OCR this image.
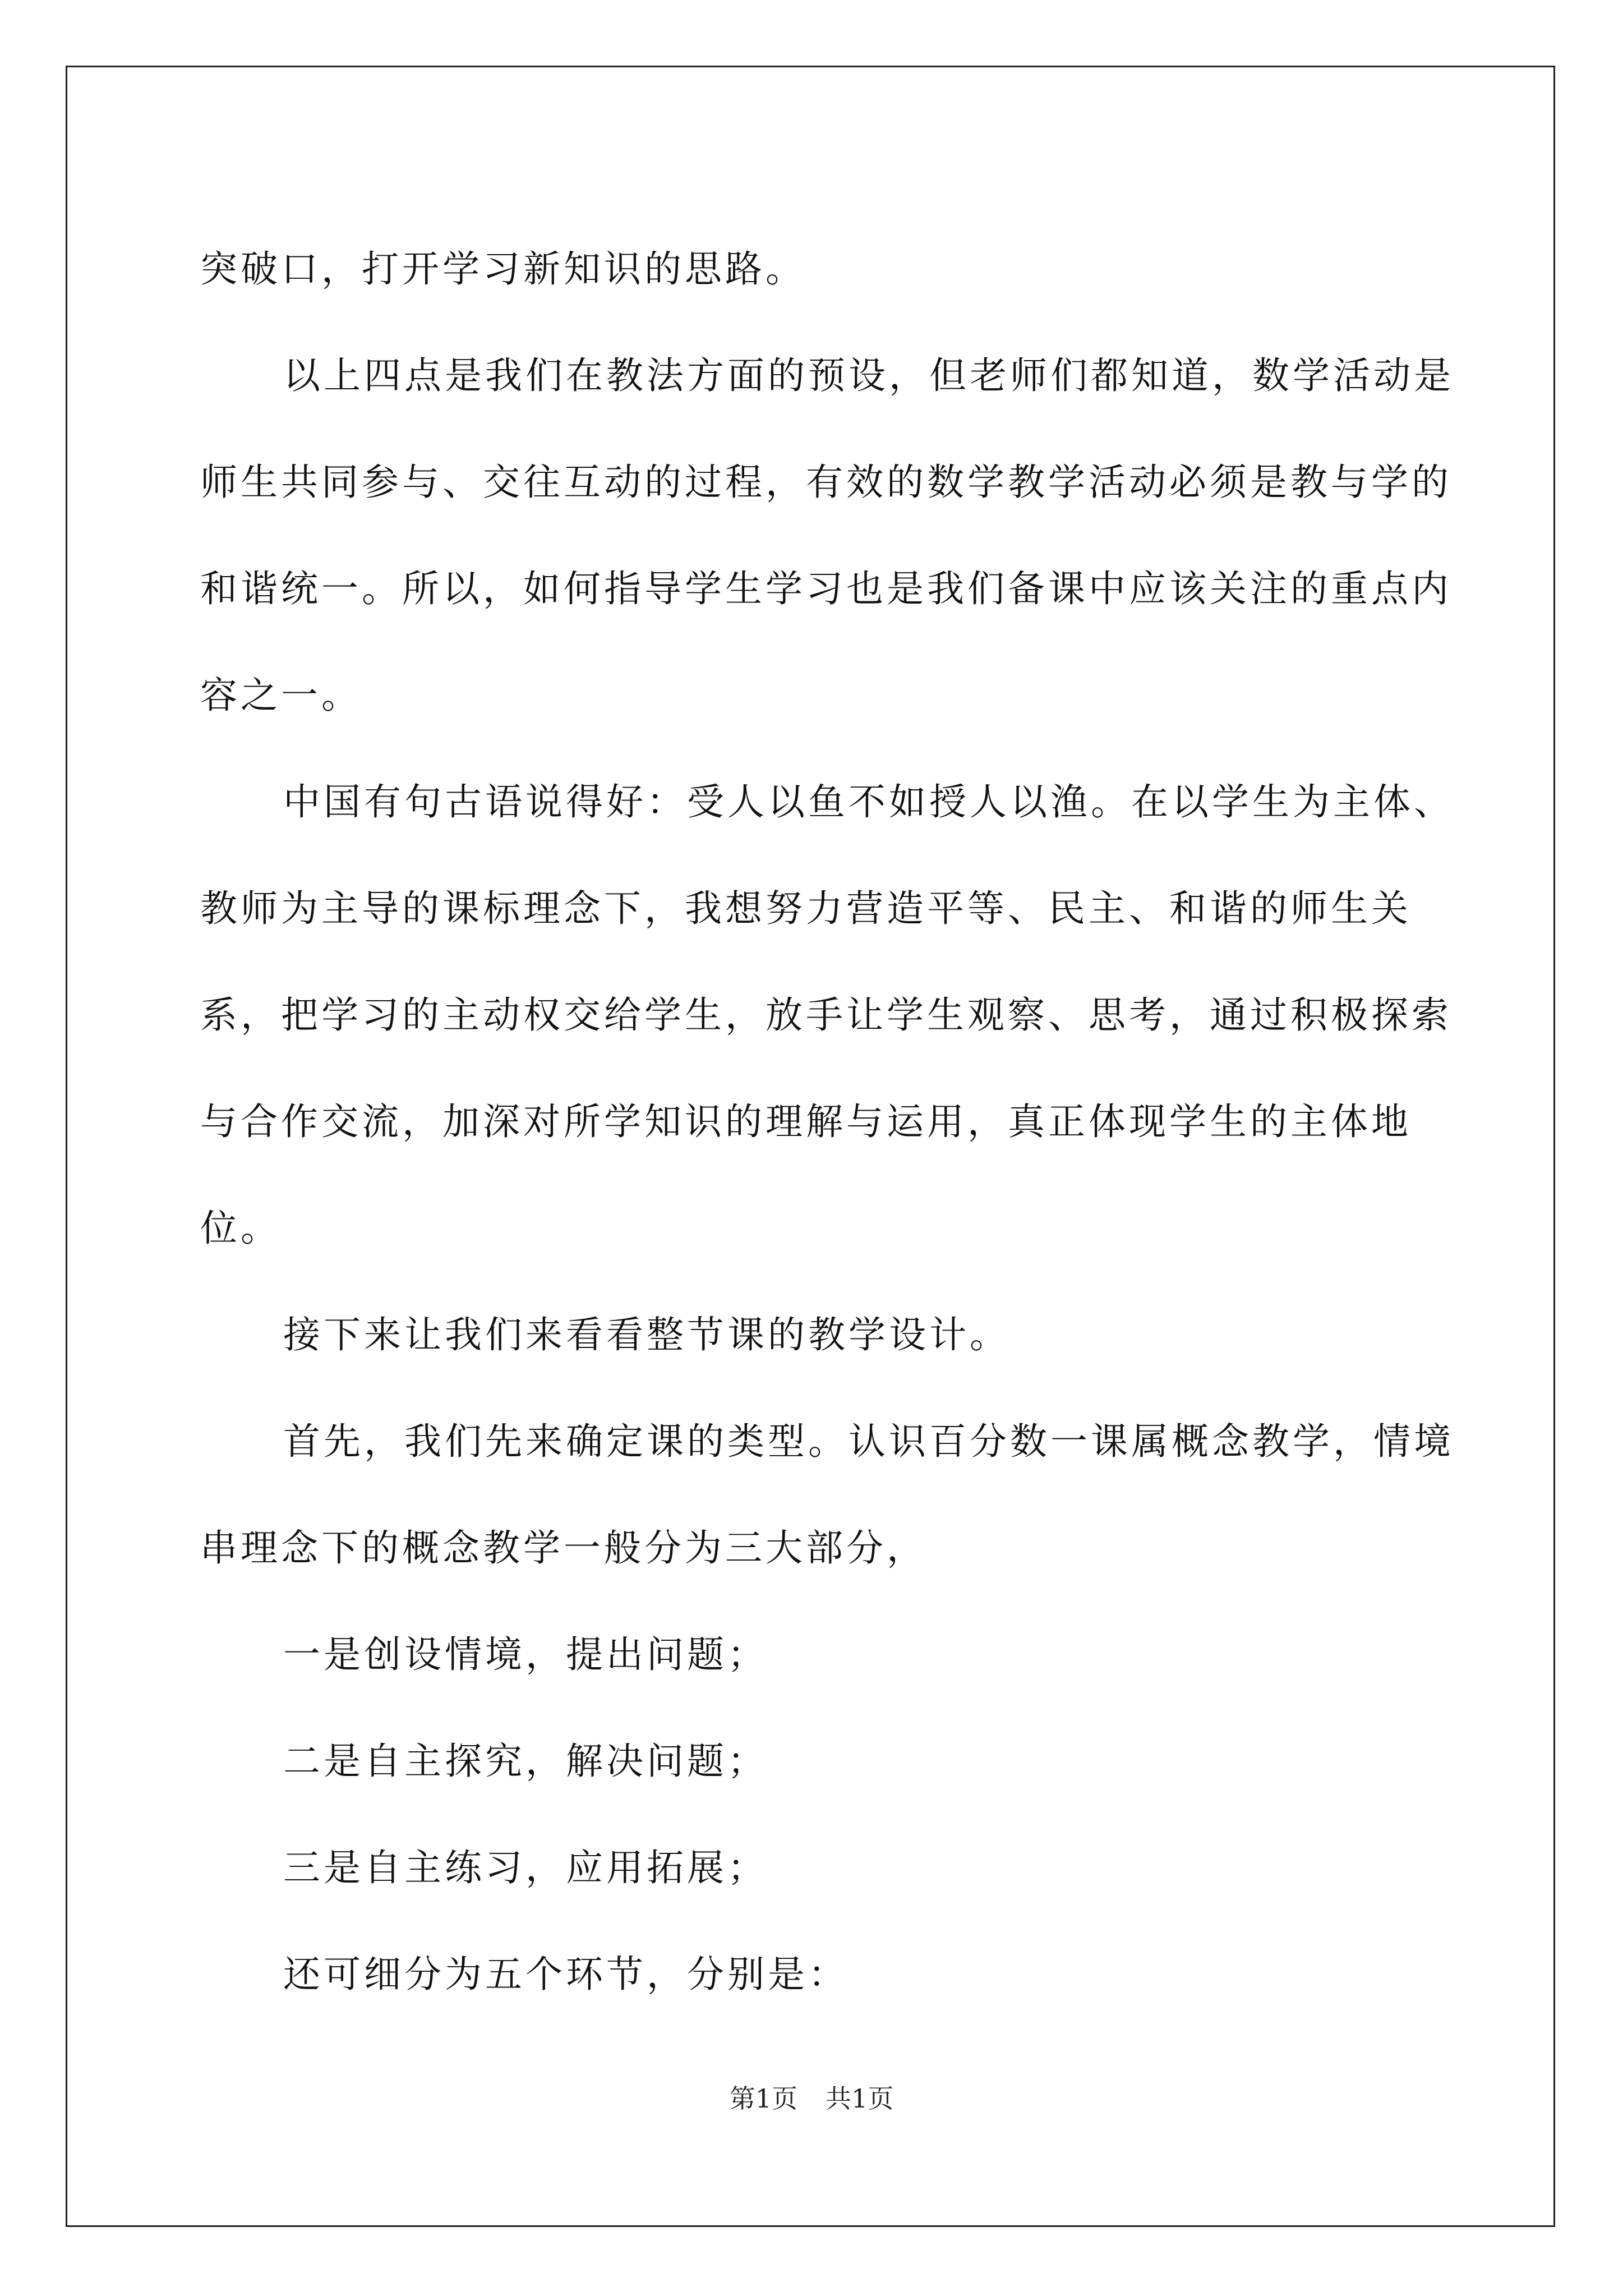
突破口，打开学习新知识的思路。

以上四点是我们在教法方面的预设，但老师们都知道，数学活动是师生共同参与、交往互动的过程，有效的数学教学活动必须是教与学的和谐统一。所以，如何指导学生学习也是我们备课中应该关注的重点内容之一。

中国有句古语说得好：受人以鱼不如授人以渔。在以学生为主体、教师为主导的课标理念下，我想努力营造平等、民主、和谐的师生关系，把学习的主动权交给学生，放手让学生观察、思考，通过积极探索与合作交流，加深对所学知识的理解与运用，真正体现学生的主体地位。

接下来让我们来看看整节课的教学设计。

首先，我们先来确定课的类型。认识百分数一课属概念教学，情境串理念下的概念教学一般分为三大部分，

一是创设情境，提出问题；

二是自主探究，解决问题；

三是自主练习，应用拓展；

还可细分为五个环节，分别是：

第1页 共1页
